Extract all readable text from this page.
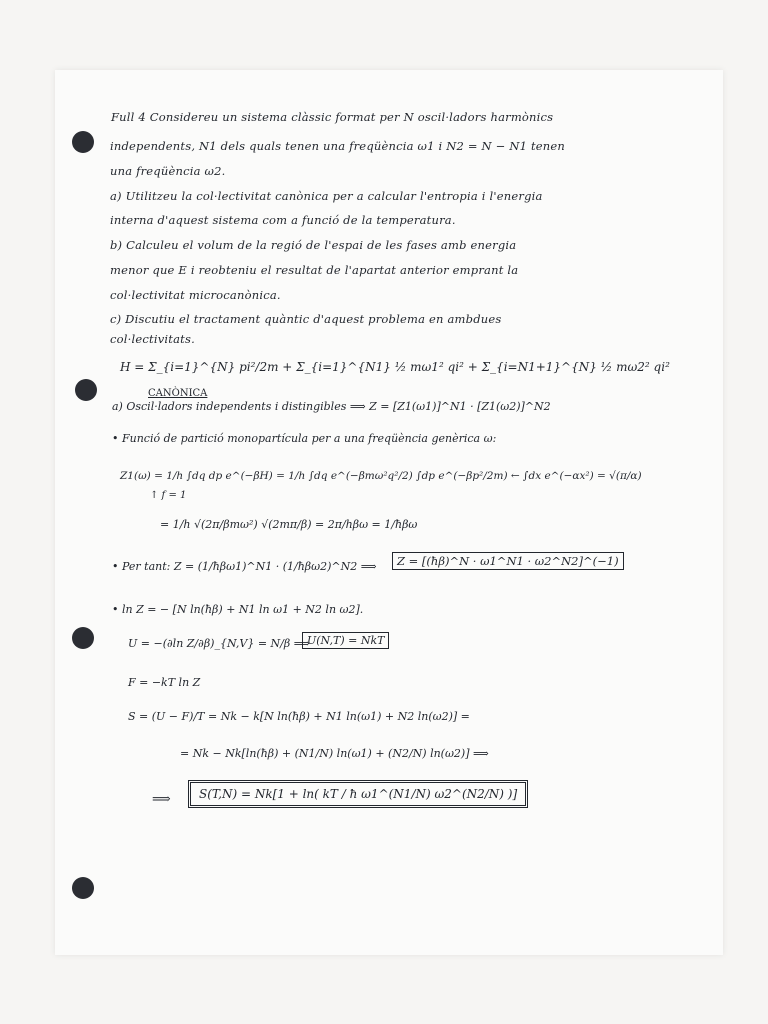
Full 4 Considereu un sistema clàssic format per N oscil·ladors harmònics
independents, N1 dels quals tenen una freqüència ω1 i N2 = N − N1 tenen
una freqüència ω2.
a) Utilitzeu la col·lectivitat canònica per a calcular l'entropia i l'energia
interna d'aquest sistema com a funció de la temperatura.
b) Calculeu el volum de la regió de l'espai de les fases amb energia
menor que E i reobteniu el resultat de l'apartat anterior emprant la
col·lectivitat microcanònica.
c) Discutiu el tractament quàntic d'aquest problema en ambdues
col·lectivitats.
H = Σ_{i=1}^{N} pi²/2m + Σ_{i=1}^{N1} ½ mω1² qi² + Σ_{i=N1+1}^{N} ½ mω2² qi²
CANÒNICA
a) Oscil·ladors independents i distingibles ⟹ Z = [Z1(ω1)]^N1 · [Z1(ω2)]^N2
• Funció de partició monopartícula per a una freqüència genèrica ω:
Z1(ω) = 1/h ∫dq dp e^(−βH) = 1/h ∫dq e^(−βmω²q²/2) ∫dp e^(−βp²/2m) ← ∫dx e^(−αx²) = √(π/α)
↑ f = 1
= 1/h √(2π/βmω²) √(2mπ/β) = 2π/hβω = 1/ħβω
• Per tant: Z = (1/ħβω1)^N1 · (1/ħβω2)^N2 ⟹	Z = [(ħβ)^N · ω1^N1 · ω2^N2]^(−1)
• ln Z = − [N ln(ħβ) + N1 ln ω1 + N2 ln ω2].
U = −(∂ln Z/∂β)_{N,V} = N/β ⟹
U(N,T) = NkT
F = −kT ln Z
S = (U − F)/T = Nk − k[N ln(ħβ) + N1 ln(ω1) + N2 ln(ω2)] =
= Nk − Nk[ln(ħβ) + (N1/N) ln(ω1) + (N2/N) ln(ω2)] ⟹
⟹	S(T,N) = Nk[1 + ln( kT / ħ ω1^(N1/N) ω2^(N2/N) )]
